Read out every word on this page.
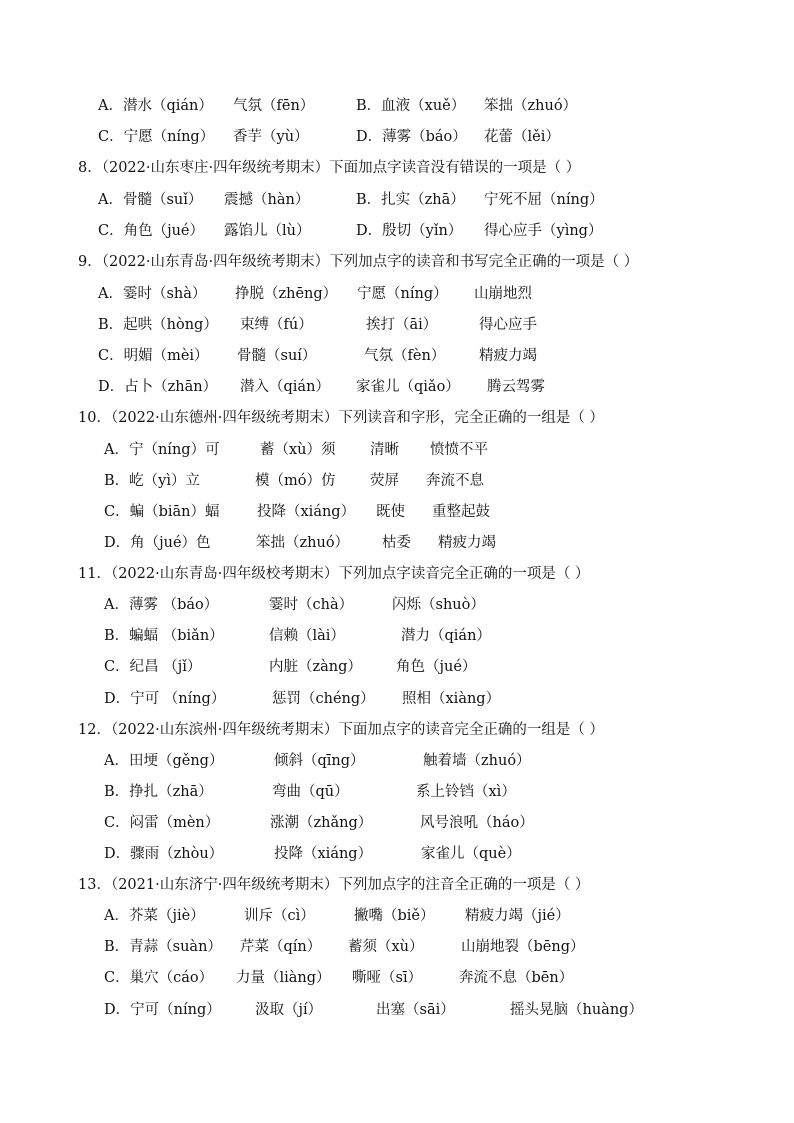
A．潜水（qián） 气氛（fēn）	B．血液（xuě） 笨拙（zhuó）
C．宁愿（níng） 香芋（yù）	D．薄雾（báo） 花蕾（lěi）
8．（2022·山东枣庄·四年级统考期末）下面加点字读音没有错误的一项是（ ）
A．骨髓（suǐ） 震撼（hàn）	B．扎实（zhā） 宁死不屈（níng）
C．角色（jué） 露馅儿（lù）	D．殷切（yǐn） 得心应手（yìng）
9．（2022·山东青岛·四年级统考期末）下列加点字的读音和书写完全正确的一项是（ ）
A．霎时（shà） 挣脱（zhēng） 宁愿（níng） 山崩地烈
B．起哄（hòng） 束缚（fú）	挨打（āi）	得心应手
C．明媚（mèi） 骨髓（suí）	气氛（fèn） 精疲力竭
D．占卜（zhān） 潜入（qián） 家雀儿（qiǎo） 腾云驾雾
10．（2022·山东德州·四年级统考期末）下列读音和字形，完全正确的一组是（ ）
A．宁（níng）可	蓄（xù）须 清晰 愤愤不平
B．屹（yì）立	模（mó）仿 荧屏 奔流不息
C．蝙（biān）蝠	投降（xiáng） 既使 重整起鼓
D．角（jué）色	笨拙（zhuó） 枯委 精疲力竭
11．（2022·山东青岛·四年级校考期末）下列加点字读音完全正确的一项是（ ）
A．薄雾 （báo）	霎时（chà）	闪烁（shuò）
B．蝙蝠 （biǎn）	信赖（lài）	潜力（qián）
C．纪昌 （jǐ）	内脏（zàng） 角色（jué）
D．宁可 （níng）	惩罚（chéng） 照相（xiàng）
12．（2022·山东滨州·四年级统考期末）下面加点字的读音完全正确的一组是（ ）
A．田埂（gěng）	倾斜（qīng）	触着墙（zhuó）
B．挣扎（zhā）	弯曲（qū）	系上铃铛（xì）
C．闷雷（mèn）	涨潮（zhǎng）	风号浪吼（háo）
D．骤雨（zhòu）	投降（xiáng）	家雀儿（què）
13．（2021·山东济宁·四年级统考期末）下列加点字的注音全正确的一项是（ ）
A．芥菜（jiè）	训斥（cì）	撇嘴（biě） 精疲力竭（jié）
B．青蒜（suàn） 芹菜（qín） 蓄须（xù）	山崩地裂（bēng）
C．巢穴（cáo） 力量（liàng） 嘶哑（sī）	奔流不息（bēn）
D．宁可（níng） 汲取（jí）	出塞（sāi）	摇头晃脑（huàng）
